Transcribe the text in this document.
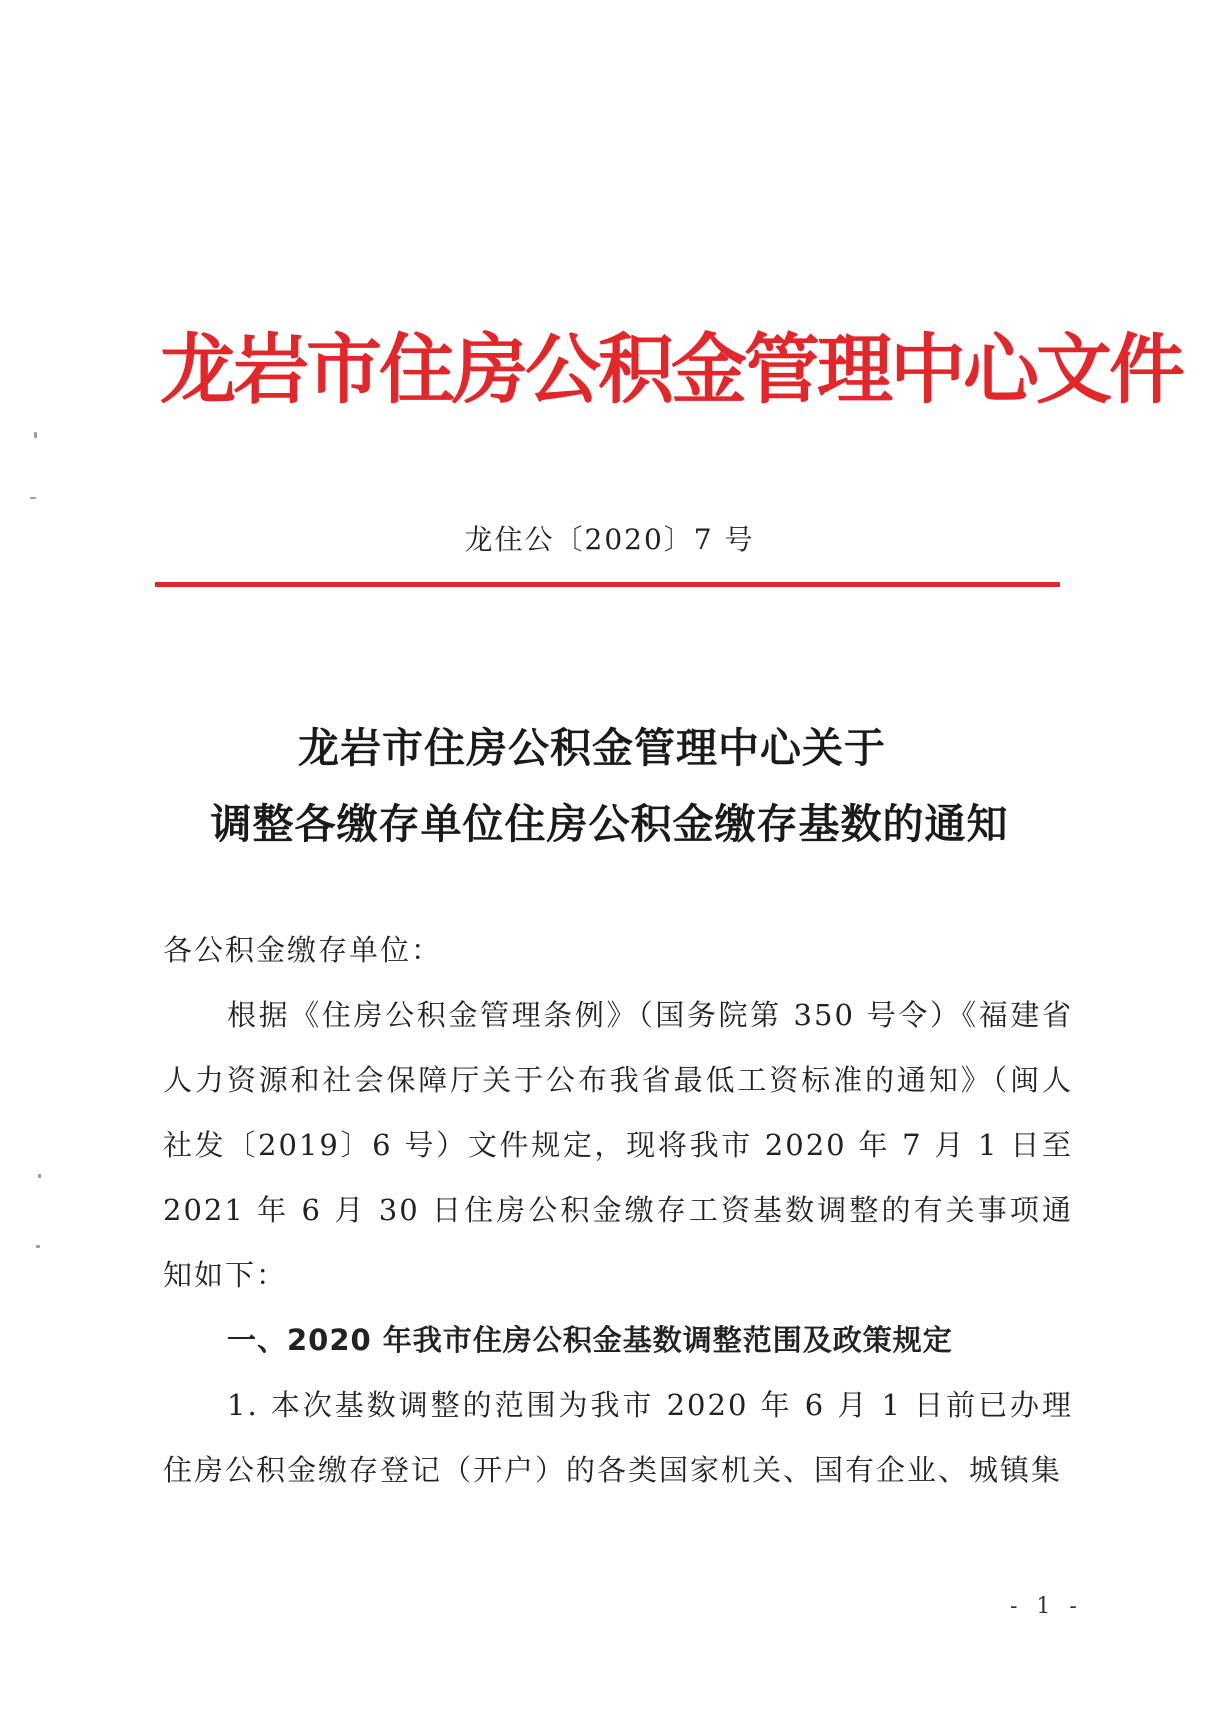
龙岩市住房公积金管理中心文件
龙住公〔2020〕7 号
龙岩市住房公积金管理中心关于
调整各缴存单位住房公积金缴存基数的通知

各公积金缴存单位：

根据《住房公积金管理条例》（国务院第 350 号令）《福建省人力资源和社会保障厅关于公布我省最低工资标准的通知》（闽人社发〔2019〕6 号）文件规定，现将我市 2020 年 7 月 1 日至 2021 年 6 月 30 日住房公积金缴存工资基数调整的有关事项通知如下：

一、2020 年我市住房公积金基数调整范围及政策规定

1. 本次基数调整的范围为我市 2020 年 6 月 1 日前已办理住房公积金缴存登记（开户）的各类国家机关、国有企业、城镇集

- 1 -
